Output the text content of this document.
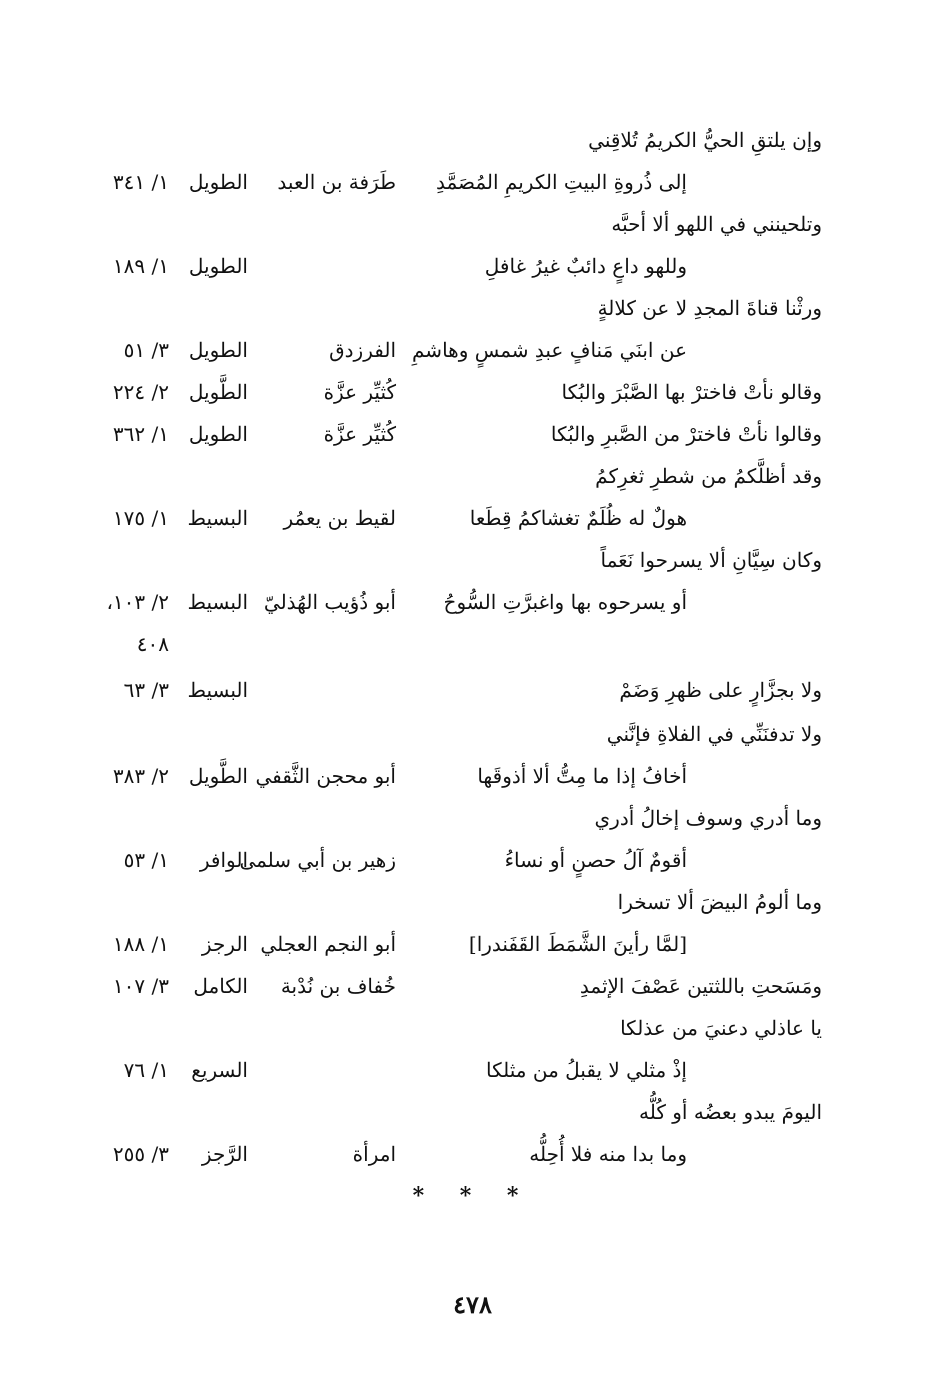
وإن يلتقِ الحيُّ الكريمُ تُلاقِني
إلى ذُروةِ البيتِ الكريمِ المُصَمَّدِ
طَرَفة بن العبد
الطويل
١/ ٣٤١
وتلحينني في اللهو ألا أحبَّه
وللهو داعٍ دائبٌ غيرُ غافلِ
الطويل
١/ ١٨٩
ورثْنا قناةَ المجدِ لا عن كلالةٍ
عن ابنَي مَنافٍ عبدِ شمسٍ وهاشمِ
الفرزدق
الطويل
٣/ ٥١
وقالو نأتْ فاخترْ بها الصَّبْرَ والبُكا
كُثيِّر عزَّة
الطَّويل
٢/ ٢٢٤
وقالوا نأتْ فاخترْ من الصَّبرِ والبُكا
كُثيِّر عزَّة
الطويل
١/ ٣٦٢
وقد أظلَّكمُ من شطرِ ثغرِكمُ
هولٌ له ظُلَمٌ تغشاكمُ قِطَعا
لقيط بن يعمُر
البسيط
١/ ١٧٥
وكان سِيَّانِ ألا يسرحوا نَعَماً
أو يسرحوه بها واغبرَّتِ السُّوحُ
أبو ذُؤيب الهُذليّ
البسيط
٢/ ١٠٣،
٤٠٨
ولا بجزَّارٍ على ظهرِ وَضَمْ
البسيط
٣/ ٦٣
ولا تدفنَنِّي في الفلاةِ فإنَّني
أخافُ إذا ما مِتُّ ألا أذوقَها
أبو محجن الثَّقفي
الطَّويل
٢/ ٣٨٣
وما أدري وسوف إخالُ أدري
أقومٌ آلُ حصنٍ أو نساءُ
زهير بن أبي سلمى
الوافر
١/ ٥٣
وما ألومُ البيضَ ألا تسخرا
[لمَّا رأينَ الشَّمَطَ القَفَندرا]
أبو النجم العجلي
الرجز
١/ ١٨٨
ومَسَحتِ باللثتين عَصْفَ الإثمدِ
خُفاف بن نُدْبة
الكامل
٣/ ١٠٧
يا عاذلي دعنيَ من عذلكا
إذْ مثلي لا يقبلُ من مثلكا
السريع
١/ ٧٦
اليومَ يبدو بعضُه أو كُلُّه
وما بدا منه فلا أُحِلُّه
امرأة
الرَّجز
٣/ ٢٥٥
* * *
٤٧٨
